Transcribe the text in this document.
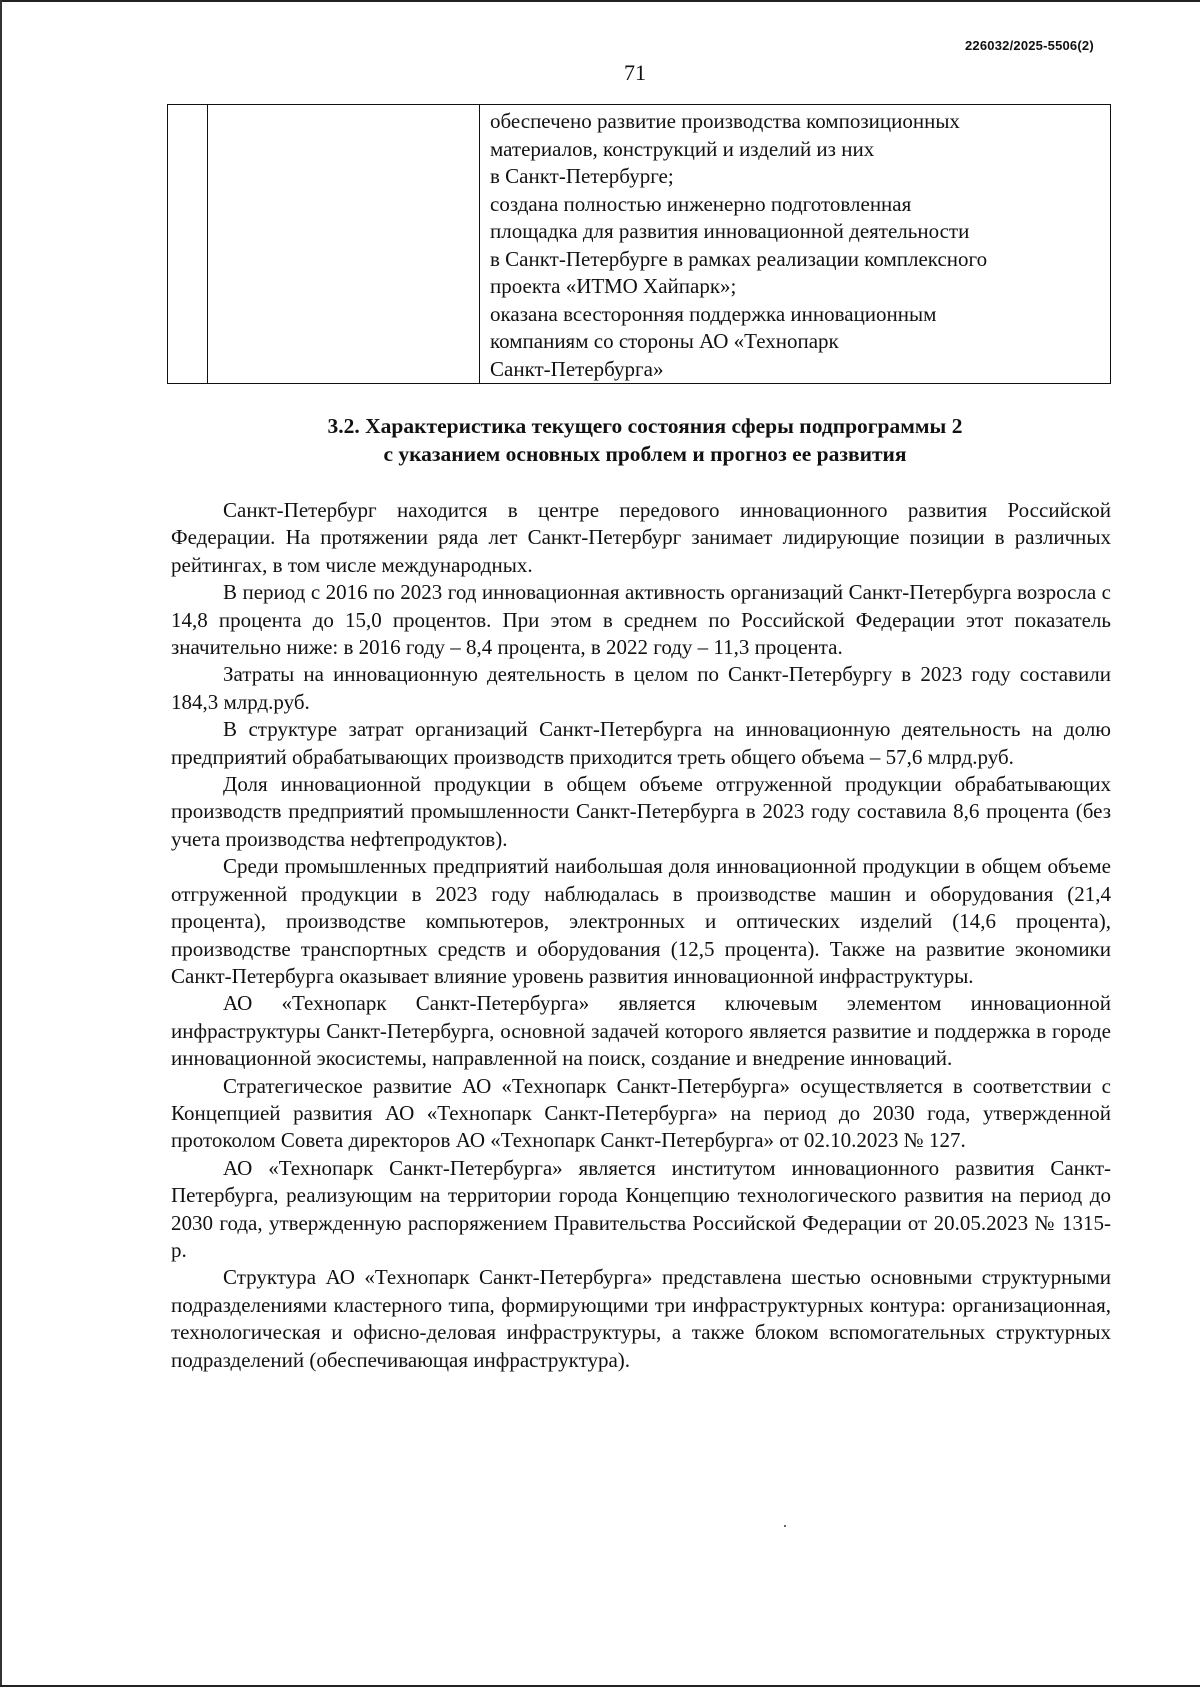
226032/2025-5506(2)
71

обеспечено развитие производства композиционных
материалов, конструкций и изделий из них
в Санкт-Петербурге;
создана полностью инженерно подготовленная
площадка для развития инновационной деятельности
в Санкт-Петербурге в рамках реализации комплексного
проекта «ИТМО Хайпарк»;
оказана всесторонняя поддержка инновационным
компаниям со стороны АО «Технопарк
Санкт-Петербурга»
3.2. Характеристика текущего состояния сферы подпрограммы 2
с указанием основных проблем и прогноз ее развития

Санкт-Петербург находится в центре передового инновационного развития Российской Федерации. На протяжении ряда лет Санкт-Петербург занимает лидирующие позиции в различных рейтингах, в том числе международных.

В период с 2016 по 2023 год инновационная активность организаций Санкт-Петербурга возросла с 14,8 процента до 15,0 процентов. При этом в среднем по Российской Федерации этот показатель значительно ниже: в 2016 году – 8,4 процента, в 2022 году – 11,3 процента.

Затраты на инновационную деятельность в целом по Санкт-Петербургу в 2023 году составили 184,3 млрд.руб.

В структуре затрат организаций Санкт-Петербурга на инновационную деятельность на долю предприятий обрабатывающих производств приходится треть общего объема – 57,6 млрд.руб.

Доля инновационной продукции в общем объеме отгруженной продукции обрабатывающих производств предприятий промышленности Санкт-Петербурга в 2023 году составила 8,6 процента (без учета производства нефтепродуктов).

Среди промышленных предприятий наибольшая доля инновационной продукции в общем объеме отгруженной продукции в 2023 году наблюдалась в производстве машин и оборудования (21,4 процента), производстве компьютеров, электронных и оптических изделий (14,6 процента), производстве транспортных средств и оборудования (12,5 процента). Также на развитие экономики Санкт-Петербурга оказывает влияние уровень развития инновационной инфраструктуры.

АО «Технопарк Санкт-Петербурга» является ключевым элементом инновационной инфраструктуры Санкт-Петербурга, основной задачей которого является развитие и поддержка в городе инновационной экосистемы, направленной на поиск, создание и внедрение инноваций.

Стратегическое развитие АО «Технопарк Санкт-Петербурга» осуществляется в соответствии с Концепцией развития АО «Технопарк Санкт-Петербурга» на период до 2030 года, утвержденной протоколом Совета директоров АО «Технопарк Санкт-Петербурга» от 02.10.2023 № 127.

АО «Технопарк Санкт-Петербурга» является институтом инновационного развития Санкт-Петербурга, реализующим на территории города Концепцию технологического развития на период до 2030 года, утвержденную распоряжением Правительства Российской Федерации от 20.05.2023 № 1315-р.

Структура АО «Технопарк Санкт-Петербурга» представлена шестью основными структурными подразделениями кластерного типа, формирующими три инфраструктурных контура: организационная, технологическая и офисно-деловая инфраструктуры, а также блоком вспомогательных структурных подразделений (обеспечивающая инфраструктура).
